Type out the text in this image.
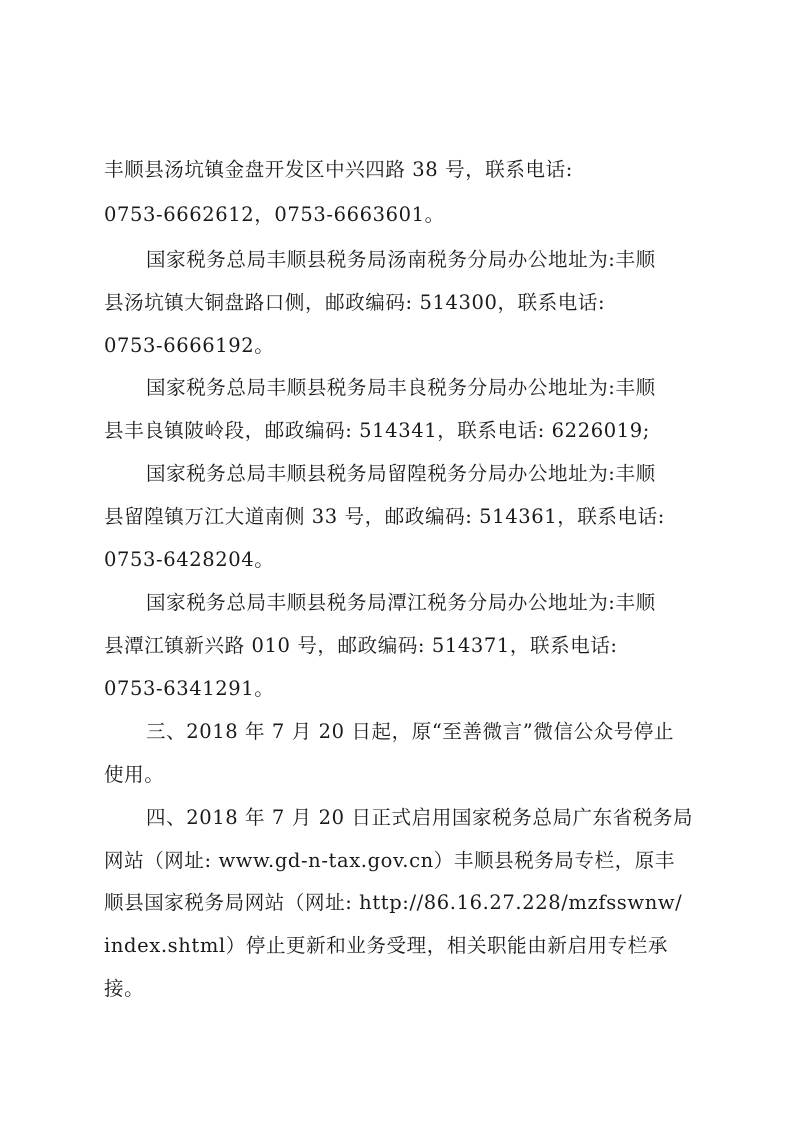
丰顺县汤坑镇金盘开发区中兴四路 38 号，联系电话:
0753-6662612，0753-6663601。
国家税务总局丰顺县税务局汤南税务分局办公地址为:丰顺
县汤坑镇大铜盘路口侧，邮政编码: 514300，联系电话:
0753-6666192。
国家税务总局丰顺县税务局丰良税务分局办公地址为:丰顺
县丰良镇陂岭段，邮政编码: 514341，联系电话: 6226019;
国家税务总局丰顺县税务局留隍税务分局办公地址为:丰顺
县留隍镇万江大道南侧 33 号，邮政编码: 514361，联系电话:
0753-6428204。
国家税务总局丰顺县税务局潭江税务分局办公地址为:丰顺
县潭江镇新兴路 010 号，邮政编码: 514371，联系电话:
0753-6341291。
三、2018 年 7 月 20 日起，原“至善微言”微信公众号停止
使用。
四、2018 年 7 月 20 日正式启用国家税务总局广东省税务局
网站（网址: www.gd-n-tax.gov.cn）丰顺县税务局专栏，原丰
顺县国家税务局网站（网址: http://86.16.27.228/mzfsswnw/
index.shtml）停止更新和业务受理，相关职能由新启用专栏承
接。
